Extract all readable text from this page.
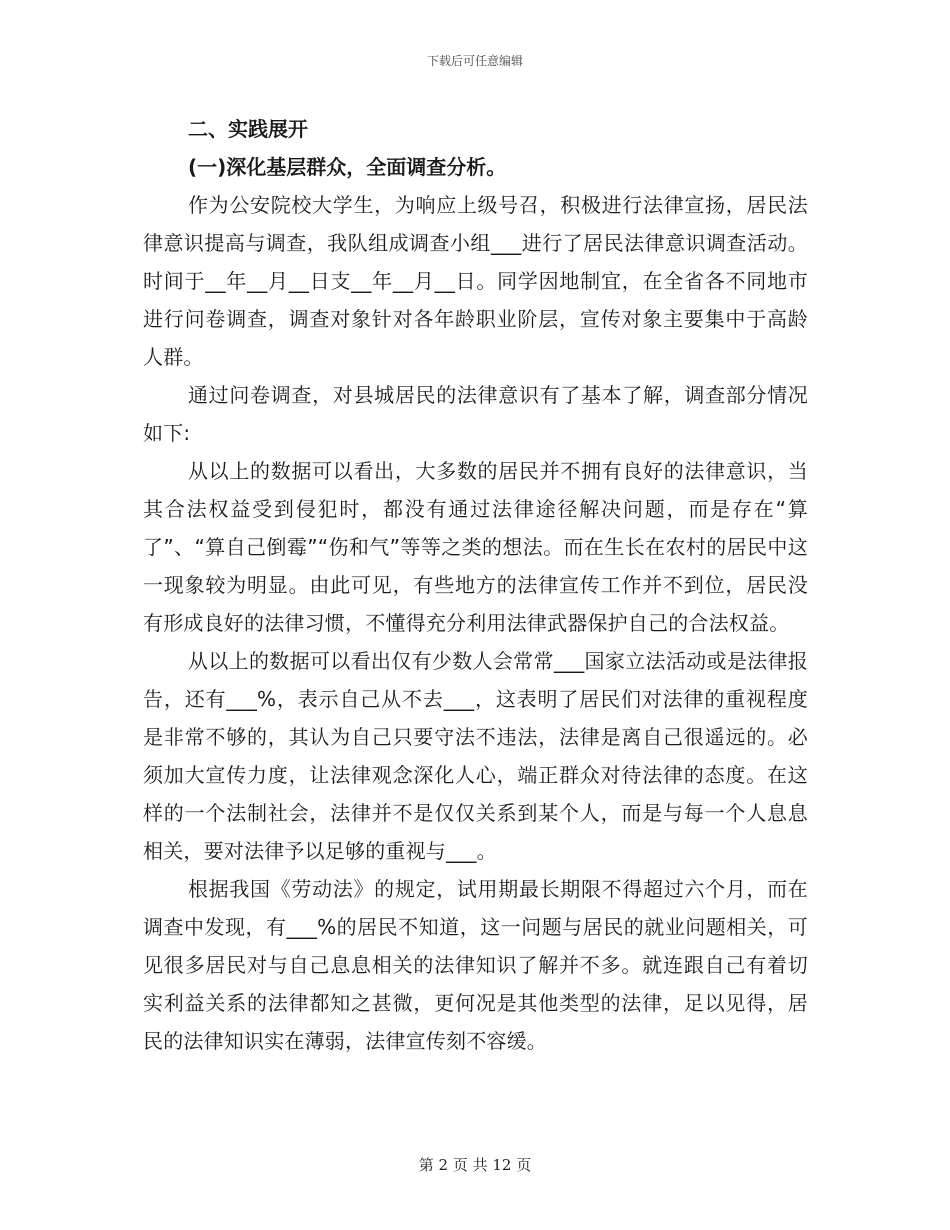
下载后可任意编辑

二、实践展开

(一)深化基层群众，全面调查分析。

作为公安院校大学生，为响应上级号召，积极进行法律宣扬，居民法律意识提高与调查，我队组成调查小组___进行了居民法律意识调查活动。时间于__年__月__日支__年__月__日。同学因地制宜，在全省各不同地市进行问卷调查，调查对象针对各年龄职业阶层，宣传对象主要集中于高龄人群。

通过问卷调查，对县城居民的法律意识有了基本了解，调查部分情况如下:

从以上的数据可以看出，大多数的居民并不拥有良好的法律意识，当其合法权益受到侵犯时，都没有通过法律途径解决问题，而是存在“算了”、“算自己倒霉”“伤和气”等等之类的想法。而在生长在农村的居民中这一现象较为明显。由此可见，有些地方的法律宣传工作并不到位，居民没有形成良好的法律习惯，不懂得充分利用法律武器保护自己的合法权益。

从以上的数据可以看出仅有少数人会常常___国家立法活动或是法律报告，还有___%，表示自己从不去___，这表明了居民们对法律的重视程度是非常不够的，其认为自己只要守法不违法，法律是离自己很遥远的。必须加大宣传力度，让法律观念深化人心，端正群众对待法律的态度。在这样的一个法制社会，法律并不是仅仅关系到某个人，而是与每一个人息息相关，要对法律予以足够的重视与___。

根据我国《劳动法》的规定，试用期最长期限不得超过六个月，而在调查中发现，有___%的居民不知道，这一问题与居民的就业问题相关，可见很多居民对与自己息息相关的法律知识了解并不多。就连跟自己有着切实利益关系的法律都知之甚微，更何况是其他类型的法律，足以见得，居民的法律知识实在薄弱，法律宣传刻不容缓。

第 2 页 共 12 页
